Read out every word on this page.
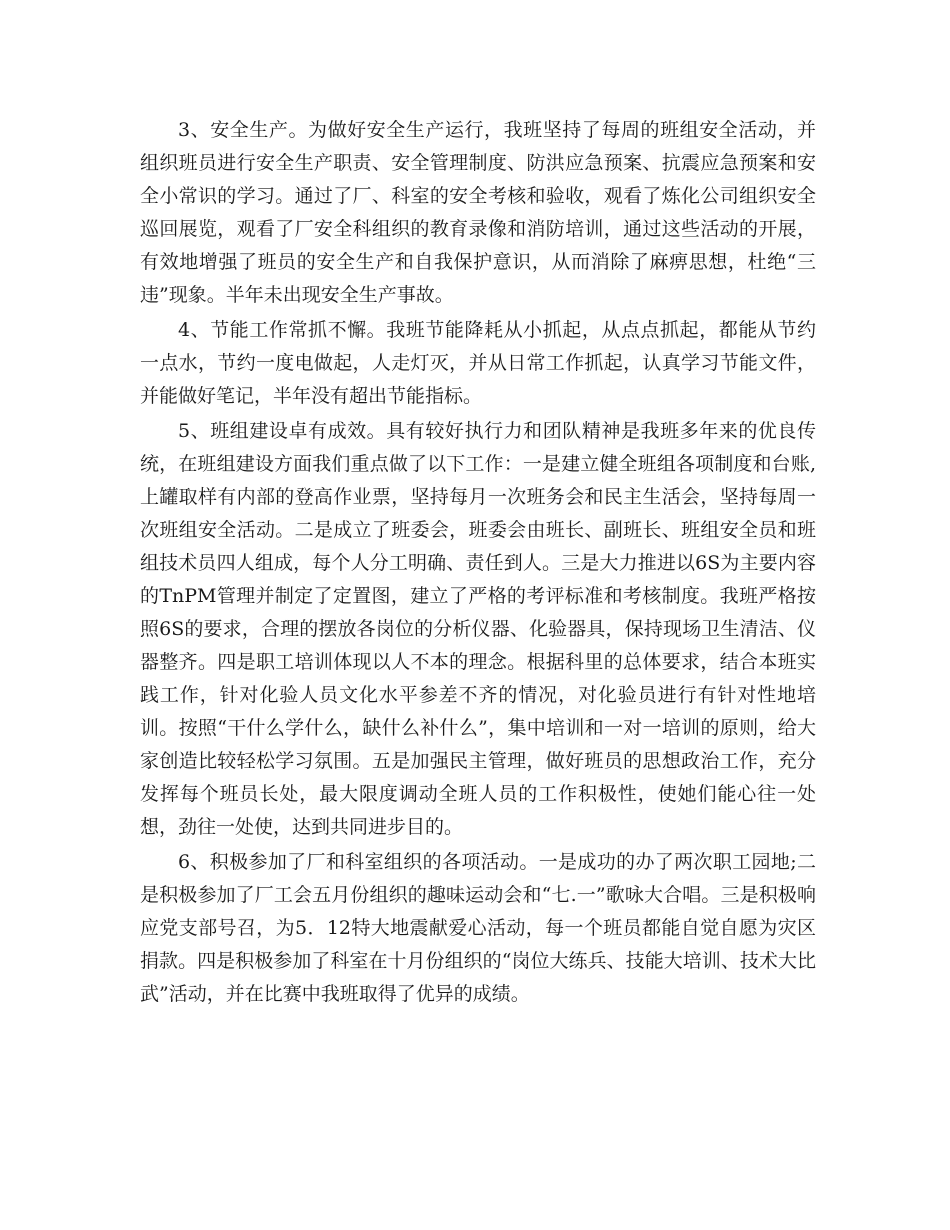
3、安全生产。为做好安全生产运行，我班坚持了每周的班组安全活动，并组织班员进行安全生产职责、安全管理制度、防洪应急预案、抗震应急预案和安全小常识的学习。通过了厂、科室的安全考核和验收，观看了炼化公司组织安全巡回展览，观看了厂安全科组织的教育录像和消防培训，通过这些活动的开展，有效地增强了班员的安全生产和自我保护意识，从而消除了麻痹思想，杜绝“三违”现象。半年未出现安全生产事故。

4、节能工作常抓不懈。我班节能降耗从小抓起，从点点抓起，都能从节约一点水，节约一度电做起，人走灯灭，并从日常工作抓起，认真学习节能文件，并能做好笔记，半年没有超出节能指标。

5、班组建设卓有成效。具有较好执行力和团队精神是我班多年来的优良传统，在班组建设方面我们重点做了以下工作：一是建立健全班组各项制度和台账,上罐取样有内部的登高作业票，坚持每月一次班务会和民主生活会，坚持每周一次班组安全活动。二是成立了班委会，班委会由班长、副班长、班组安全员和班组技术员四人组成，每个人分工明确、责任到人。三是大力推进以6S为主要内容的TnPM管理并制定了定置图，建立了严格的考评标准和考核制度。我班严格按照6S的要求，合理的摆放各岗位的分析仪器、化验器具，保持现场卫生清洁、仪器整齐。四是职工培训体现以人不本的理念。根据科里的总体要求，结合本班实践工作，针对化验人员文化水平参差不齐的情况，对化验员进行有针对性地培训。按照“干什么学什么，缺什么补什么”，集中培训和一对一培训的原则，给大家创造比较轻松学习氛围。五是加强民主管理，做好班员的思想政治工作，充分发挥每个班员长处，最大限度调动全班人员的工作积极性，使她们能心往一处想，劲往一处使，达到共同进步目的。

6、积极参加了厂和科室组织的各项活动。一是成功的办了两次职工园地;二是积极参加了厂工会五月份组织的趣味运动会和“七.一”歌咏大合唱。三是积极响应党支部号召，为5．12特大地震献爱心活动，每一个班员都能自觉自愿为灾区捐款。四是积极参加了科室在十月份组织的“岗位大练兵、技能大培训、技术大比武”活动，并在比赛中我班取得了优异的成绩。
